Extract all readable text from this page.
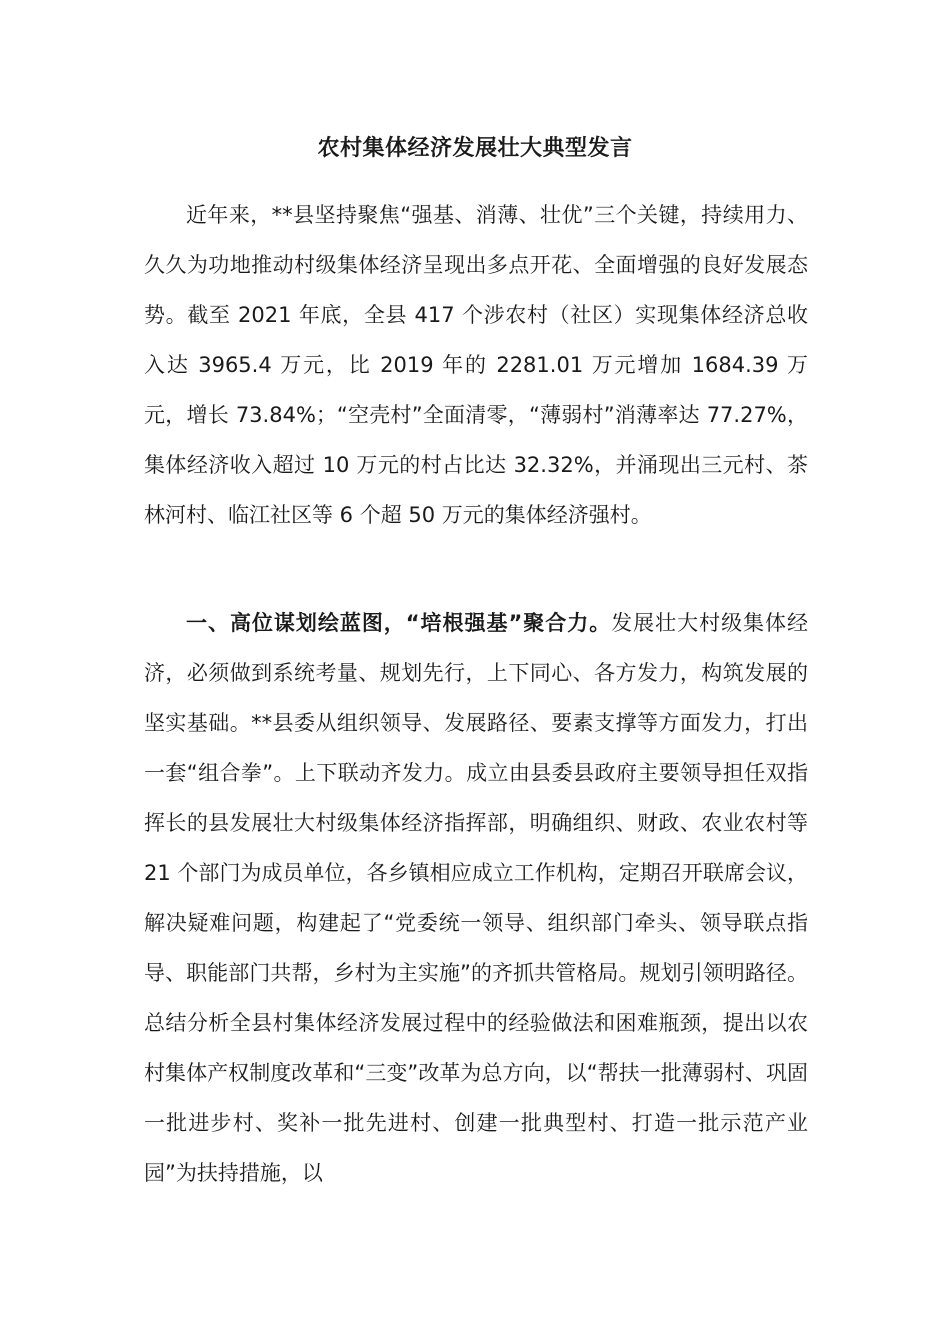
农村集体经济发展壮大典型发言

近年来，**县坚持聚焦“强基、消薄、壮优”三个关键，持续用力、久久为功地推动村级集体经济呈现出多点开花、全面增强的良好发展态势。截至 2021 年底，全县 417 个涉农村（社区）实现集体经济总收入达 3965.4 万元，比 2019 年的 2281.01 万元增加 1684.39 万元，增长 73.84%；“空壳村”全面清零，“薄弱村”消薄率达 77.27%，集体经济收入超过 10 万元的村占比达 32.32%，并涌现出三元村、茶林河村、临江社区等 6 个超 50 万元的集体经济强村。

一、高位谋划绘蓝图，“培根强基”聚合力。发展壮大村级集体经济，必须做到系统考量、规划先行，上下同心、各方发力，构筑发展的坚实基础。**县委从组织领导、发展路径、要素支撑等方面发力，打出一套“组合拳”。上下联动齐发力。成立由县委县政府主要领导担任双指挥长的县发展壮大村级集体经济指挥部，明确组织、财政、农业农村等 21 个部门为成员单位，各乡镇相应成立工作机构，定期召开联席会议，解决疑难问题，构建起了“党委统一领导、组织部门牵头、领导联点指导、职能部门共帮，乡村为主实施”的齐抓共管格局。规划引领明路径。总结分析全县村集体经济发展过程中的经验做法和困难瓶颈，提出以农村集体产权制度改革和“三变”改革为总方向，以“帮扶一批薄弱村、巩固一批进步村、奖补一批先进村、创建一批典型村、打造一批示范产业园”为扶持措施，以
